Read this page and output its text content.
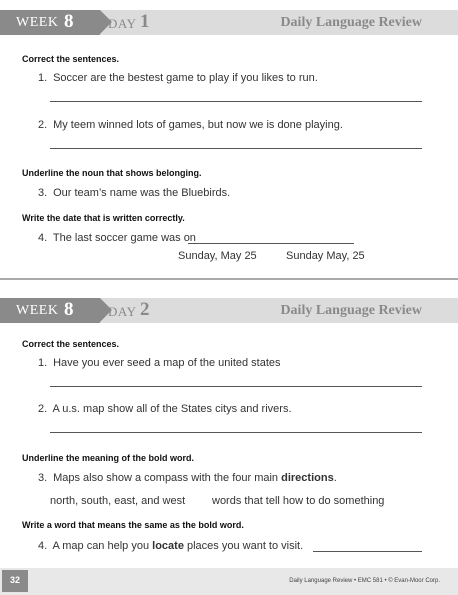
WEEK 8	DAY 1	Daily Language Review
Correct the sentences.
1. Soccer are the bestest game to play if you likes to run.
2. My teem winned lots of games, but now we is done playing.
Underline the noun that shows belonging.
3. Our team’s name was the Bluebirds.
Write the date that is written correctly.
4. The last soccer game was on
Sunday, May 25	Sunday May, 25
WEEK 8	DAY 2	Daily Language Review
Correct the sentences.
1. Have you ever seed a map of the united states
2. A u.s. map show all of the States citys and rivers.
Underline the meaning of the bold word.
3. Maps also show a compass with the four main directions.
north, south, east, and west words that tell how to do something
Write a word that means the same as the bold word.
4. A map can help you locate places you want to visit.
32	Daily Language Review • EMC 581 • © Evan-Moor Corp.
